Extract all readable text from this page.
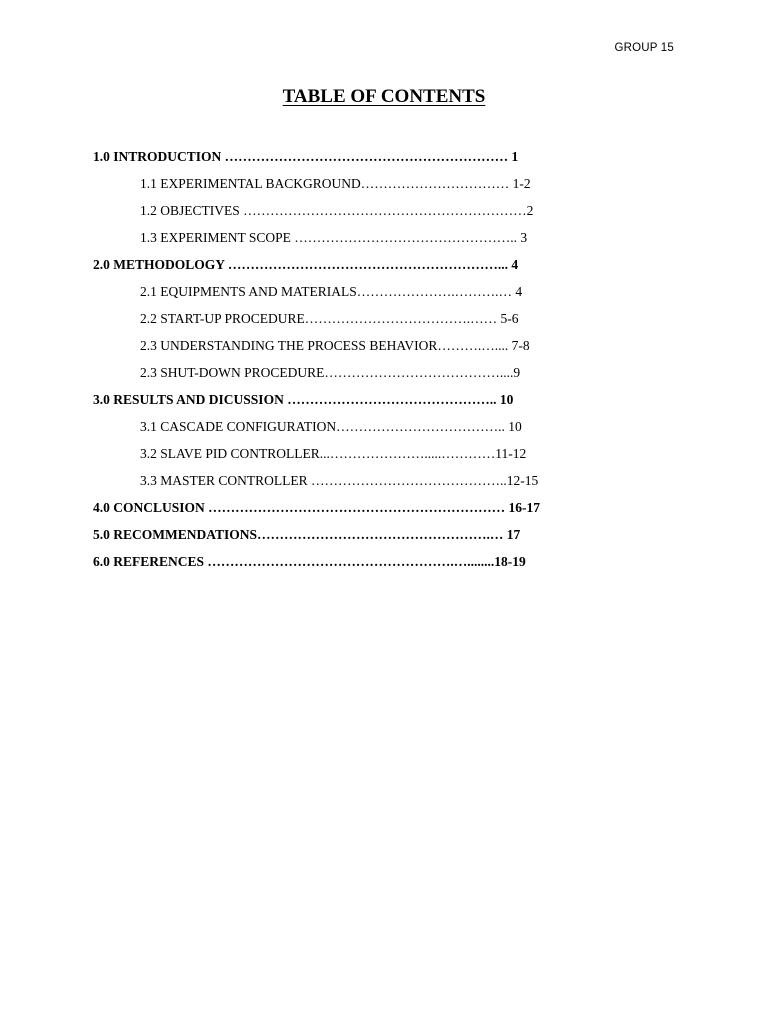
GROUP 15
TABLE OF CONTENTS
1.0 INTRODUCTION ……………………………………………………… 1
1.1 EXPERIMENTAL BACKGROUND…………………………… 1-2
1.2 OBJECTIVES ………………………………………………………2
1.3 EXPERIMENT SCOPE ………………………………………….. 3
2.0 METHODOLOGY ……………………………………………………... 4
2.1 EQUIPMENTS AND MATERIALS………………….……….… 4
2.2 START-UP PROCEDURE……………………………….…… 5-6
2.3 UNDERSTANDING THE PROCESS BEHAVIOR……….….... 7-8
2.3 SHUT-DOWN PROCEDURE…………………………………....9
3.0 RESULTS AND DICUSSION ……………………………………….. 10
3.1 CASCADE CONFIGURATION……………………………….. 10
3.2 SLAVE PID CONTROLLER...………………….....…………11-12
3.3 MASTER CONTROLLER ……………………………………..12-15
4.0 CONCLUSION ………………………………………………………… 16-17
5.0 RECOMMENDATIONS…………………………………………….… 17
6.0 REFERENCES ……………………………………………….…........18-19
